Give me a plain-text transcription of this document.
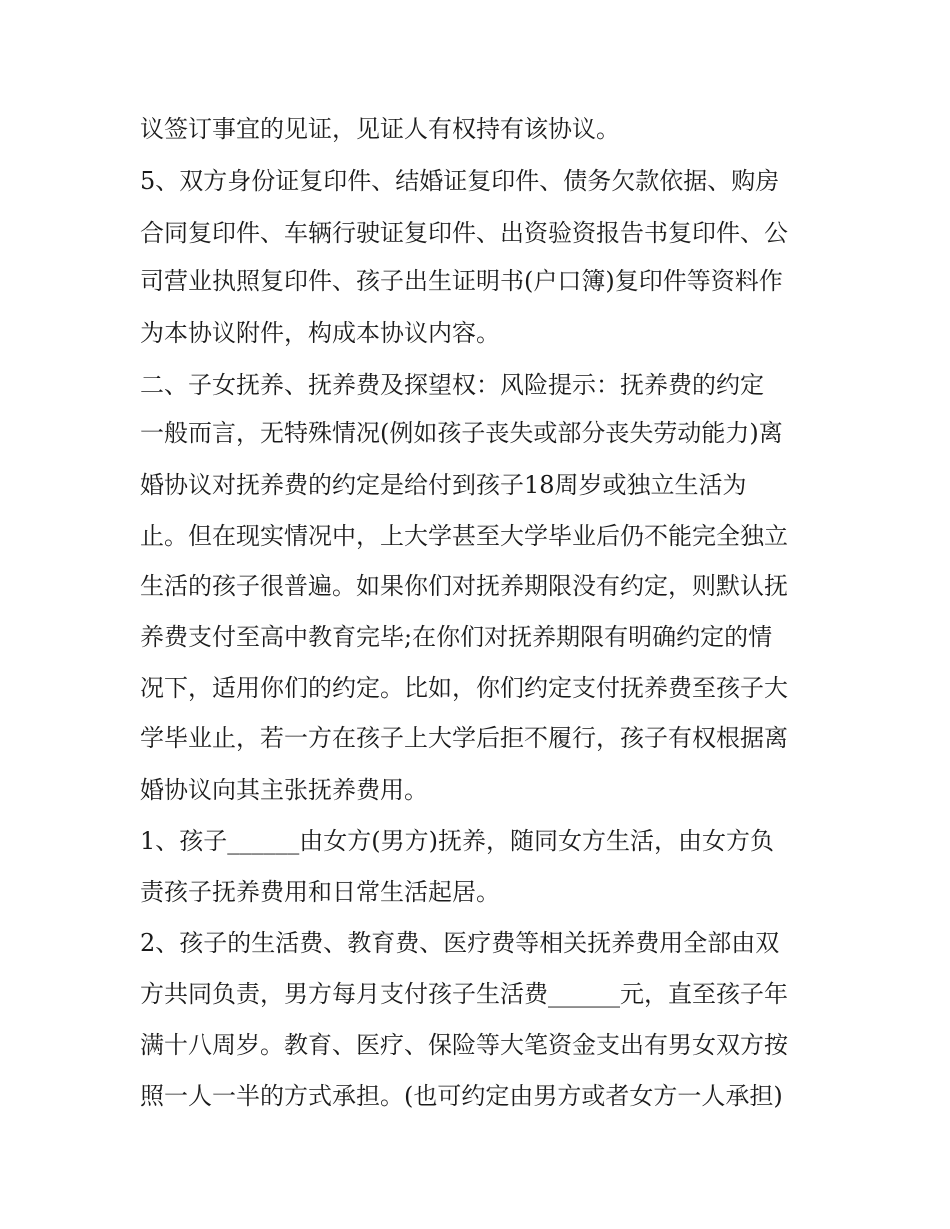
议签订事宜的见证，见证人有权持有该协议。

5、双方身份证复印件、结婚证复印件、债务欠款依据、购房

合同复印件、车辆行驶证复印件、出资验资报告书复印件、公

司营业执照复印件、孩子出生证明书(户口簿)复印件等资料作

为本协议附件，构成本协议内容。

二、子女抚养、抚养费及探望权：风险提示：抚养费的约定

一般而言，无特殊情况(例如孩子丧失或部分丧失劳动能力)离

婚协议对抚养费的约定是给付到孩子18周岁或独立生活为

止。但在现实情况中，上大学甚至大学毕业后仍不能完全独立

生活的孩子很普遍。如果你们对抚养期限没有约定，则默认抚

养费支付至高中教育完毕;在你们对抚养期限有明确约定的情

况下，适用你们的约定。比如，你们约定支付抚养费至孩子大

学毕业止，若一方在孩子上大学后拒不履行，孩子有权根据离

婚协议向其主张抚养费用。

1、孩子______由女方(男方)抚养，随同女方生活，由女方负

责孩子抚养费用和日常生活起居。

2、孩子的生活费、教育费、医疗费等相关抚养费用全部由双

方共同负责，男方每月支付孩子生活费______元，直至孩子年

满十八周岁。教育、医疗、保险等大笔资金支出有男女双方按

照一人一半的方式承担。(也可约定由男方或者女方一人承担)
